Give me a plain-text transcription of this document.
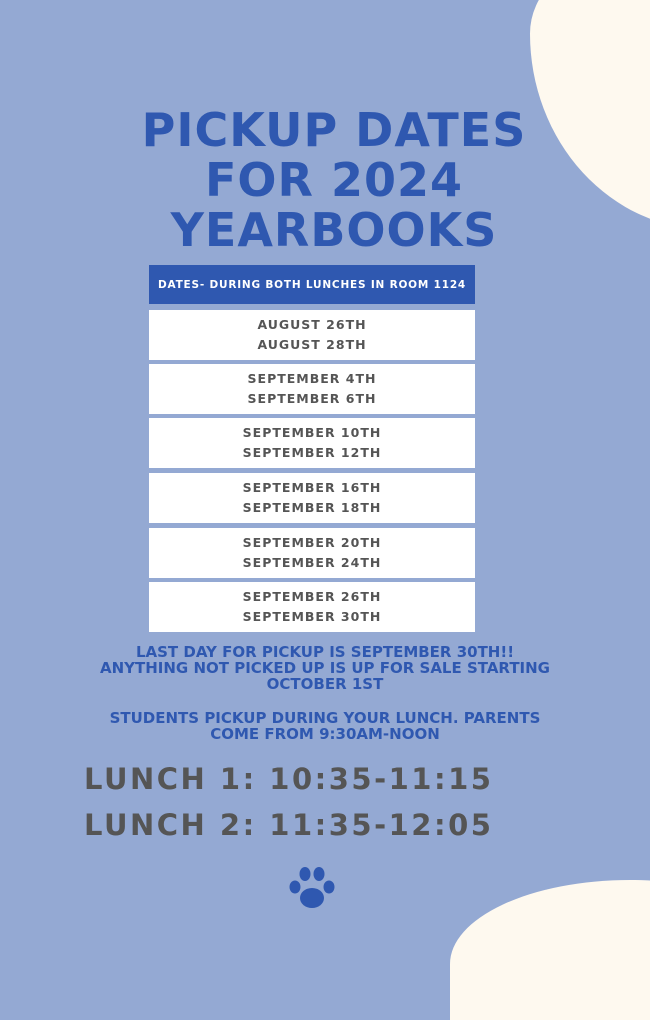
PICKUP DATES
FOR 2024
YEARBOOKS
DATES- DURING BOTH LUNCHES IN ROOM 1124
AUGUST 26TH
AUGUST 28TH
SEPTEMBER 4TH
SEPTEMBER 6TH
SEPTEMBER 10TH
SEPTEMBER 12TH
SEPTEMBER 16TH
SEPTEMBER 18TH
SEPTEMBER 20TH
SEPTEMBER 24TH
SEPTEMBER 26TH
SEPTEMBER 30TH

LAST DAY FOR PICKUP IS SEPTEMBER 30TH!!
ANYTHING NOT PICKED UP IS UP FOR SALE STARTING
OCTOBER 1ST

STUDENTS PICKUP DURING YOUR LUNCH. PARENTS
COME FROM 9:30AM-NOON

LUNCH 1: 10:35-11:15

LUNCH 2: 11:35-12:05
